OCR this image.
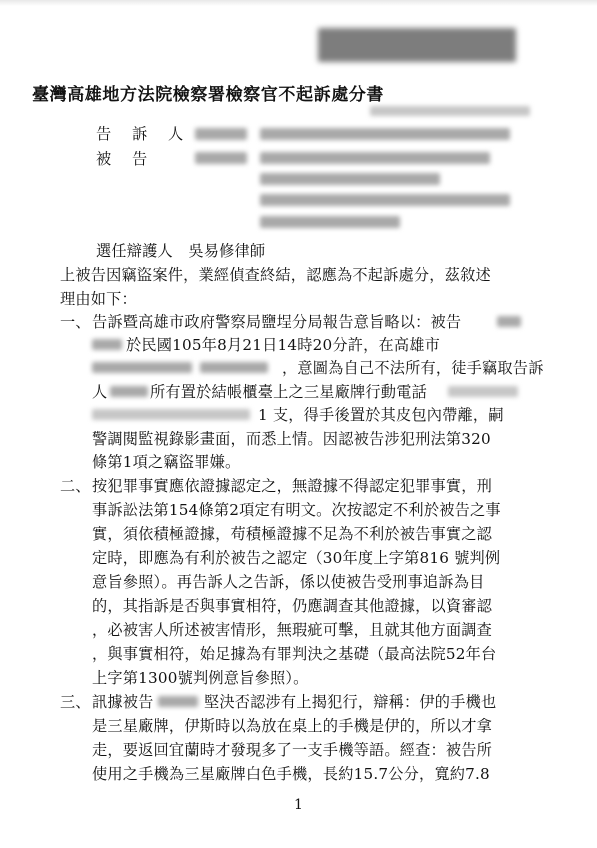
臺灣高雄地方法院檢察署檢察官不起訴處分書
告 訴 人
被 告
選任辯護人　吳易修律師
上被告因竊盜案件，業經偵查終結，認應為不起訴處分，茲敘述
理由如下：
一、 告訴暨高雄市政府警察局鹽埕分局報告意旨略以：被告
於民國105年8月21日14時20分許，在高雄市
，意圖為自己不法所有，徒手竊取告訴
人	所有置於結帳櫃臺上之三星廠牌行動電話
1 支，得手後置於其皮包內帶離，嗣
警調閱監視錄影畫面，而悉上情。因認被告涉犯刑法第320
條第1項之竊盜罪嫌。
二、 按犯罪事實應依證據認定之，無證據不得認定犯罪事實，刑
事訴訟法第154條第2項定有明文。次按認定不利於被告之事
實，須依積極證據，苟積極證據不足為不利於被告事實之認
定時，即應為有利於被告之認定（30年度上字第816 號判例
意旨參照）。再告訴人之告訴，係以使被告受刑事追訴為目
的，其指訴是否與事實相符，仍應調查其他證據，以資審認
，必被害人所述被害情形，無瑕疵可擊，且就其他方面調查
，與事實相符，始足據為有罪判決之基礎（最高法院52年台
上字第1300號判例意旨參照）。
三、 訊據被告	堅決否認涉有上揭犯行，辯稱：伊的手機也
是三星廠牌，伊斯時以為放在桌上的手機是伊的，所以才拿
走，要返回宜蘭時才發現多了一支手機等語。經查：被告所
使用之手機為三星廠牌白色手機，長約15.7公分，寬約7.8
1
